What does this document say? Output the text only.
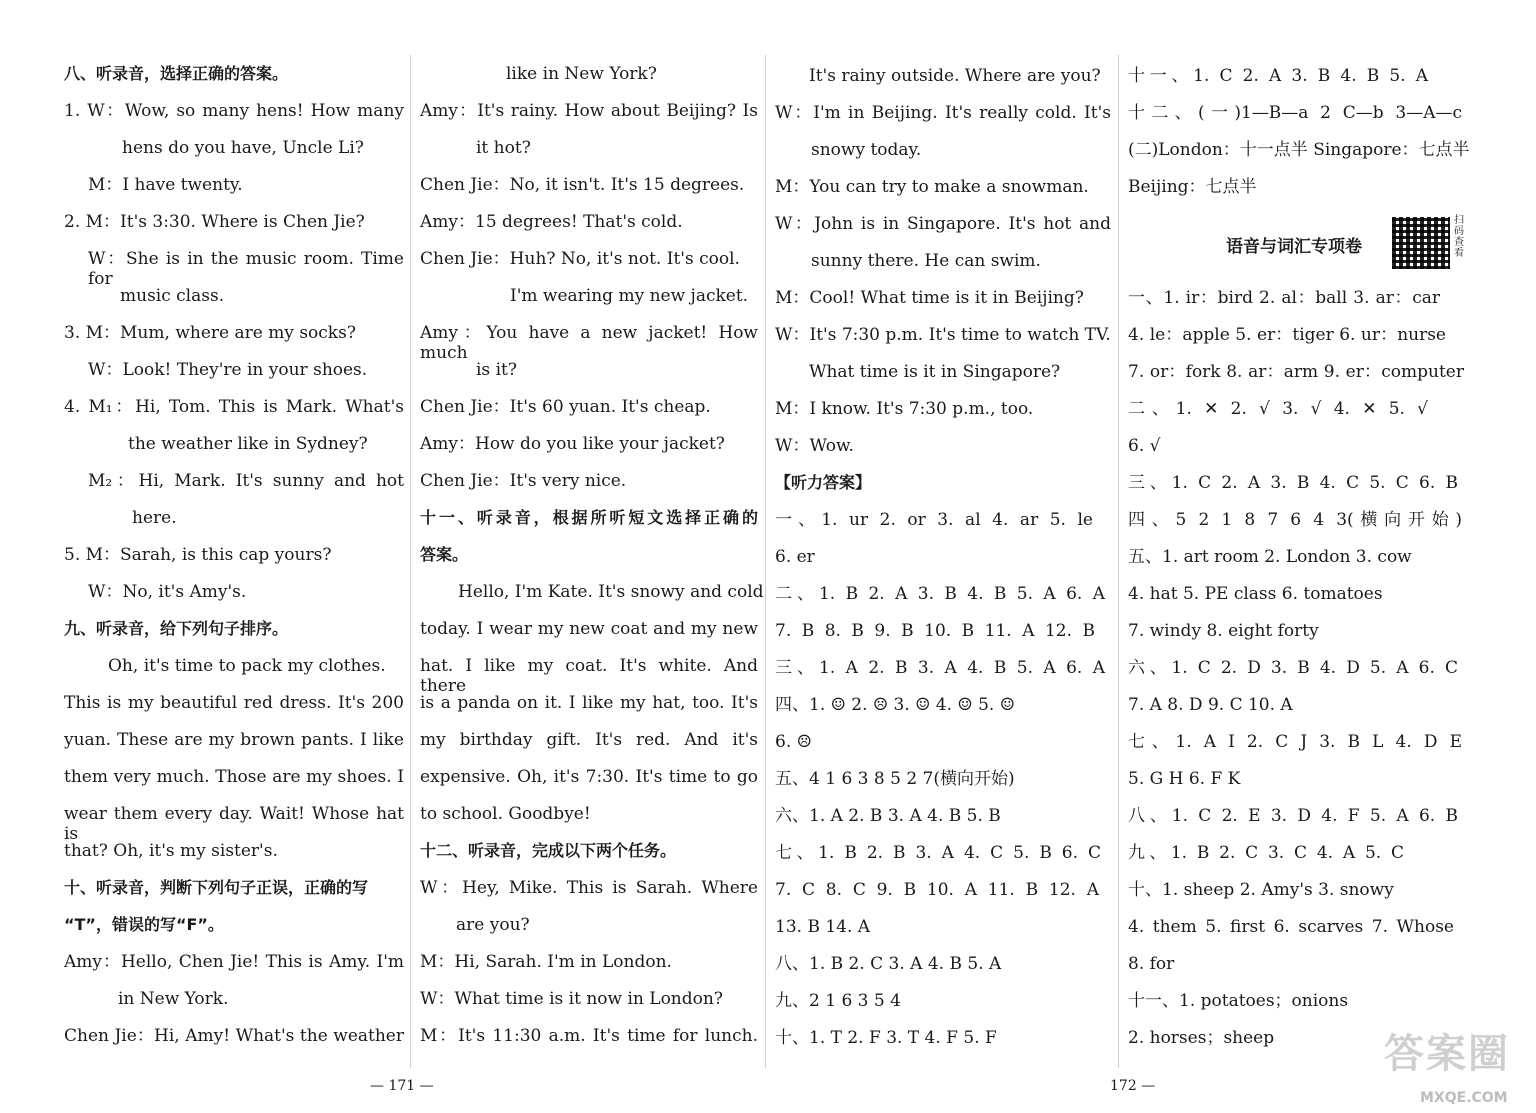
八、听录音，选择正确的答案。
1. W：Wow, so many hens! How many
hens do you have, Uncle Li?
M：I have twenty.
2. M：It's 3:30. Where is Chen Jie?
W：She is in the music room. Time for
music class.
3. M：Mum, where are my socks?
W：Look! They're in your shoes.
4. M₁：Hi, Tom. This is Mark. What's
the weather like in Sydney?
M₂：Hi, Mark. It's sunny and hot
here.
5. M：Sarah, is this cap yours?
W：No, it's Amy's.
九、听录音，给下列句子排序。
Oh, it's time to pack my clothes.
This is my beautiful red dress. It's 200
yuan. These are my brown pants. I like
them very much. Those are my shoes. I
wear them every day. Wait! Whose hat is
that? Oh, it's my sister's.
十、听录音，判断下列句子正误，正确的写
“T”，错误的写“F”。
Amy：Hello, Chen Jie! This is Amy. I'm
in New York.
Chen Jie：Hi, Amy! What's the weather
like in New York?
Amy：It's rainy. How about Beijing? Is
it hot?
Chen Jie：No, it isn't. It's 15 degrees.
Amy：15 degrees! That's cold.
Chen Jie：Huh? No, it's not. It's cool.
I'm wearing my new jacket.
Amy：You have a new jacket! How much
is it?
Chen Jie：It's 60 yuan. It's cheap.
Amy：How do you like your jacket?
Chen Jie：It's very nice.
十一、听录音，根据所听短文选择正确的
答案。
Hello, I'm Kate. It's snowy and cold
today. I wear my new coat and my new
hat. I like my coat. It's white. And there
is a panda on it. I like my hat, too. It's
my birthday gift. It's red. And it's
expensive. Oh, it's 7:30. It's time to go
to school. Goodbye!
十二、听录音，完成以下两个任务。
W：Hey, Mike. This is Sarah. Where
are you?
M：Hi, Sarah. I'm in London.
W：What time is it now in London?
M：It's 11:30 a.m. It's time for lunch.
It's rainy outside. Where are you?
W：I'm in Beijing. It's really cold. It's
snowy today.
M：You can try to make a snowman.
W：John is in Singapore. It's hot and
sunny there. He can swim.
M：Cool! What time is it in Beijing?
W：It's 7:30 p.m. It's time to watch TV.
What time is it in Singapore?
M：I know. It's 7:30 p.m., too.
W：Wow.
【听力答案】
一、1. ur 2. or 3. al 4. ar 5. le
6. er
二、1. B 2. A 3. B 4. B 5. A 6. A
7. B 8. B 9. B 10. B 11. A 12. B
三、1. A 2. B 3. A 4. B 5. A 6. A
四、1. ☺ 2. ☹ 3. ☺ 4. ☺ 5. ☺
6. ☹
五、4 1 6 3 8 5 2 7(横向开始)
六、1. A 2. B 3. A 4. B 5. B
七、1. B 2. B 3. A 4. C 5. B 6. C
7. C 8. C 9. B 10. A 11. B 12. A
13. B 14. A
八、1. B 2. C 3. A 4. B 5. A
九、2 1 6 3 5 4
十、1. T 2. F 3. T 4. F 5. F
十一、1. C 2. A 3. B 4. B 5. A
十二、(一)1—B—a 2 C—b 3—A—c
(二)London：十一点半 Singapore：七点半
Beijing：七点半
语音与词汇专项卷
扫码查看
一、1. ir：bird 2. al：ball 3. ar：car
4. le：apple 5. er：tiger 6. ur：nurse
7. or：fork 8. ar：arm 9. er：computer
二、1. ✕ 2. √ 3. √ 4. ✕ 5. √
6. √
三、1. C 2. A 3. B 4. C 5. C 6. B
四、5 2 1 8 7 6 4 3(横向开始)
五、1. art room 2. London 3. cow
4. hat 5. PE class 6. tomatoes
7. windy 8. eight forty
六、1. C 2. D 3. B 4. D 5. A 6. C
7. A 8. D 9. C 10. A
七、1. A I 2. C J 3. B L 4. D E
5. G H 6. F K
八、1. C 2. E 3. D 4. F 5. A 6. B
九、1. B 2. C 3. C 4. A 5. C
十、1. sheep 2. Amy's 3. snowy
4. them 5. first 6. scarves 7. Whose
8. for
十一、1. potatoes；onions
2. horses；sheep
— 171 —	172 —
答案圈
MXQE.COM
